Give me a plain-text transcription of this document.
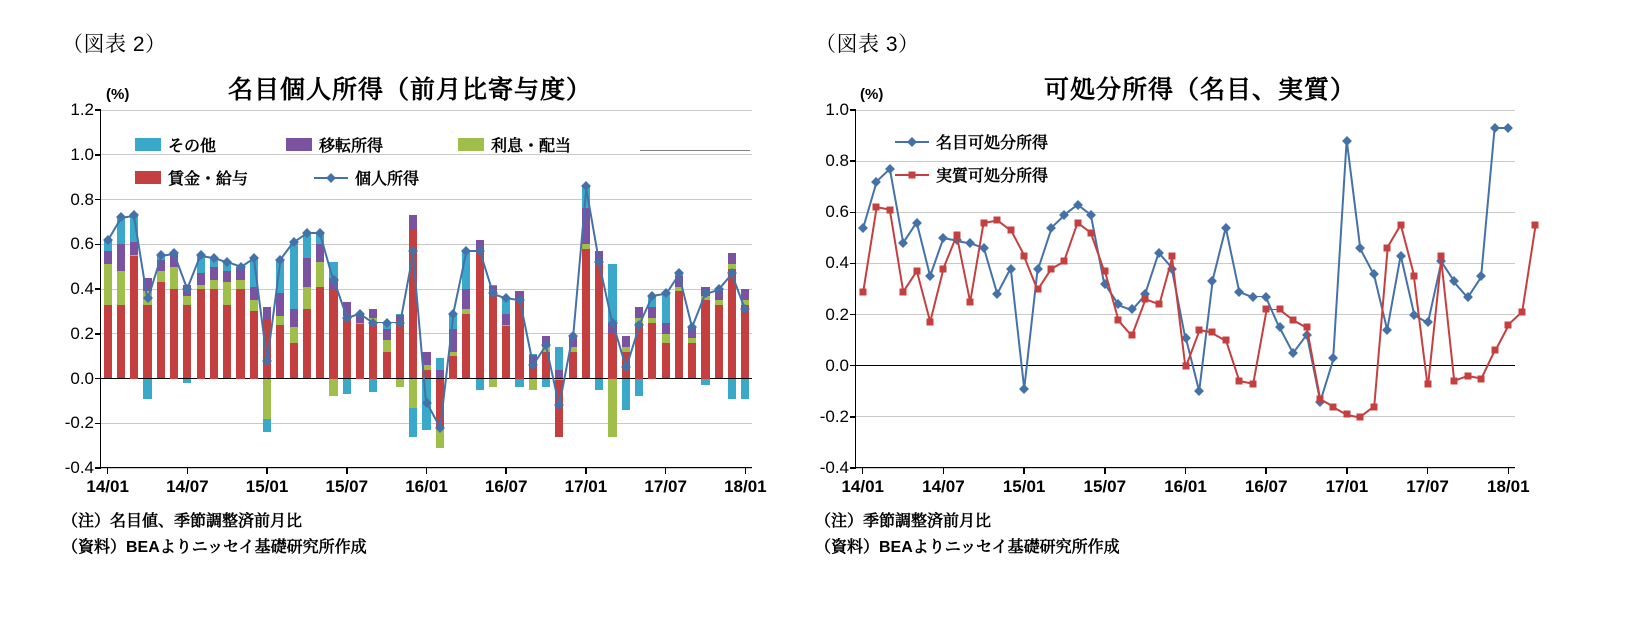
（図表 2）
名目個人所得（前月比寄与度）
(%)
-0.4
-0.2
0.0
0.2
0.4
0.6
0.8
1.0
1.2
14/01 14/07 15/01 15/07 16/01 16/07 17/01 17/07 18/01
（注）名目値、季節調整済前月比
（資料）BEAよりニッセイ基礎研究所作成
その他	移転所得	利息・配当
賃金・給与	個人所得
（図表 3）
可処分所得（名目、実質）
(%)
-0.4
-0.2
0.0
0.2
0.4
0.6
0.8
1.0
14/01 14/07 15/01 15/07 16/01 16/07 17/01 17/07 18/01
（注）季節調整済前月比
（資料）BEAよりニッセイ基礎研究所作成
名目可処分所得
実質可処分所得
